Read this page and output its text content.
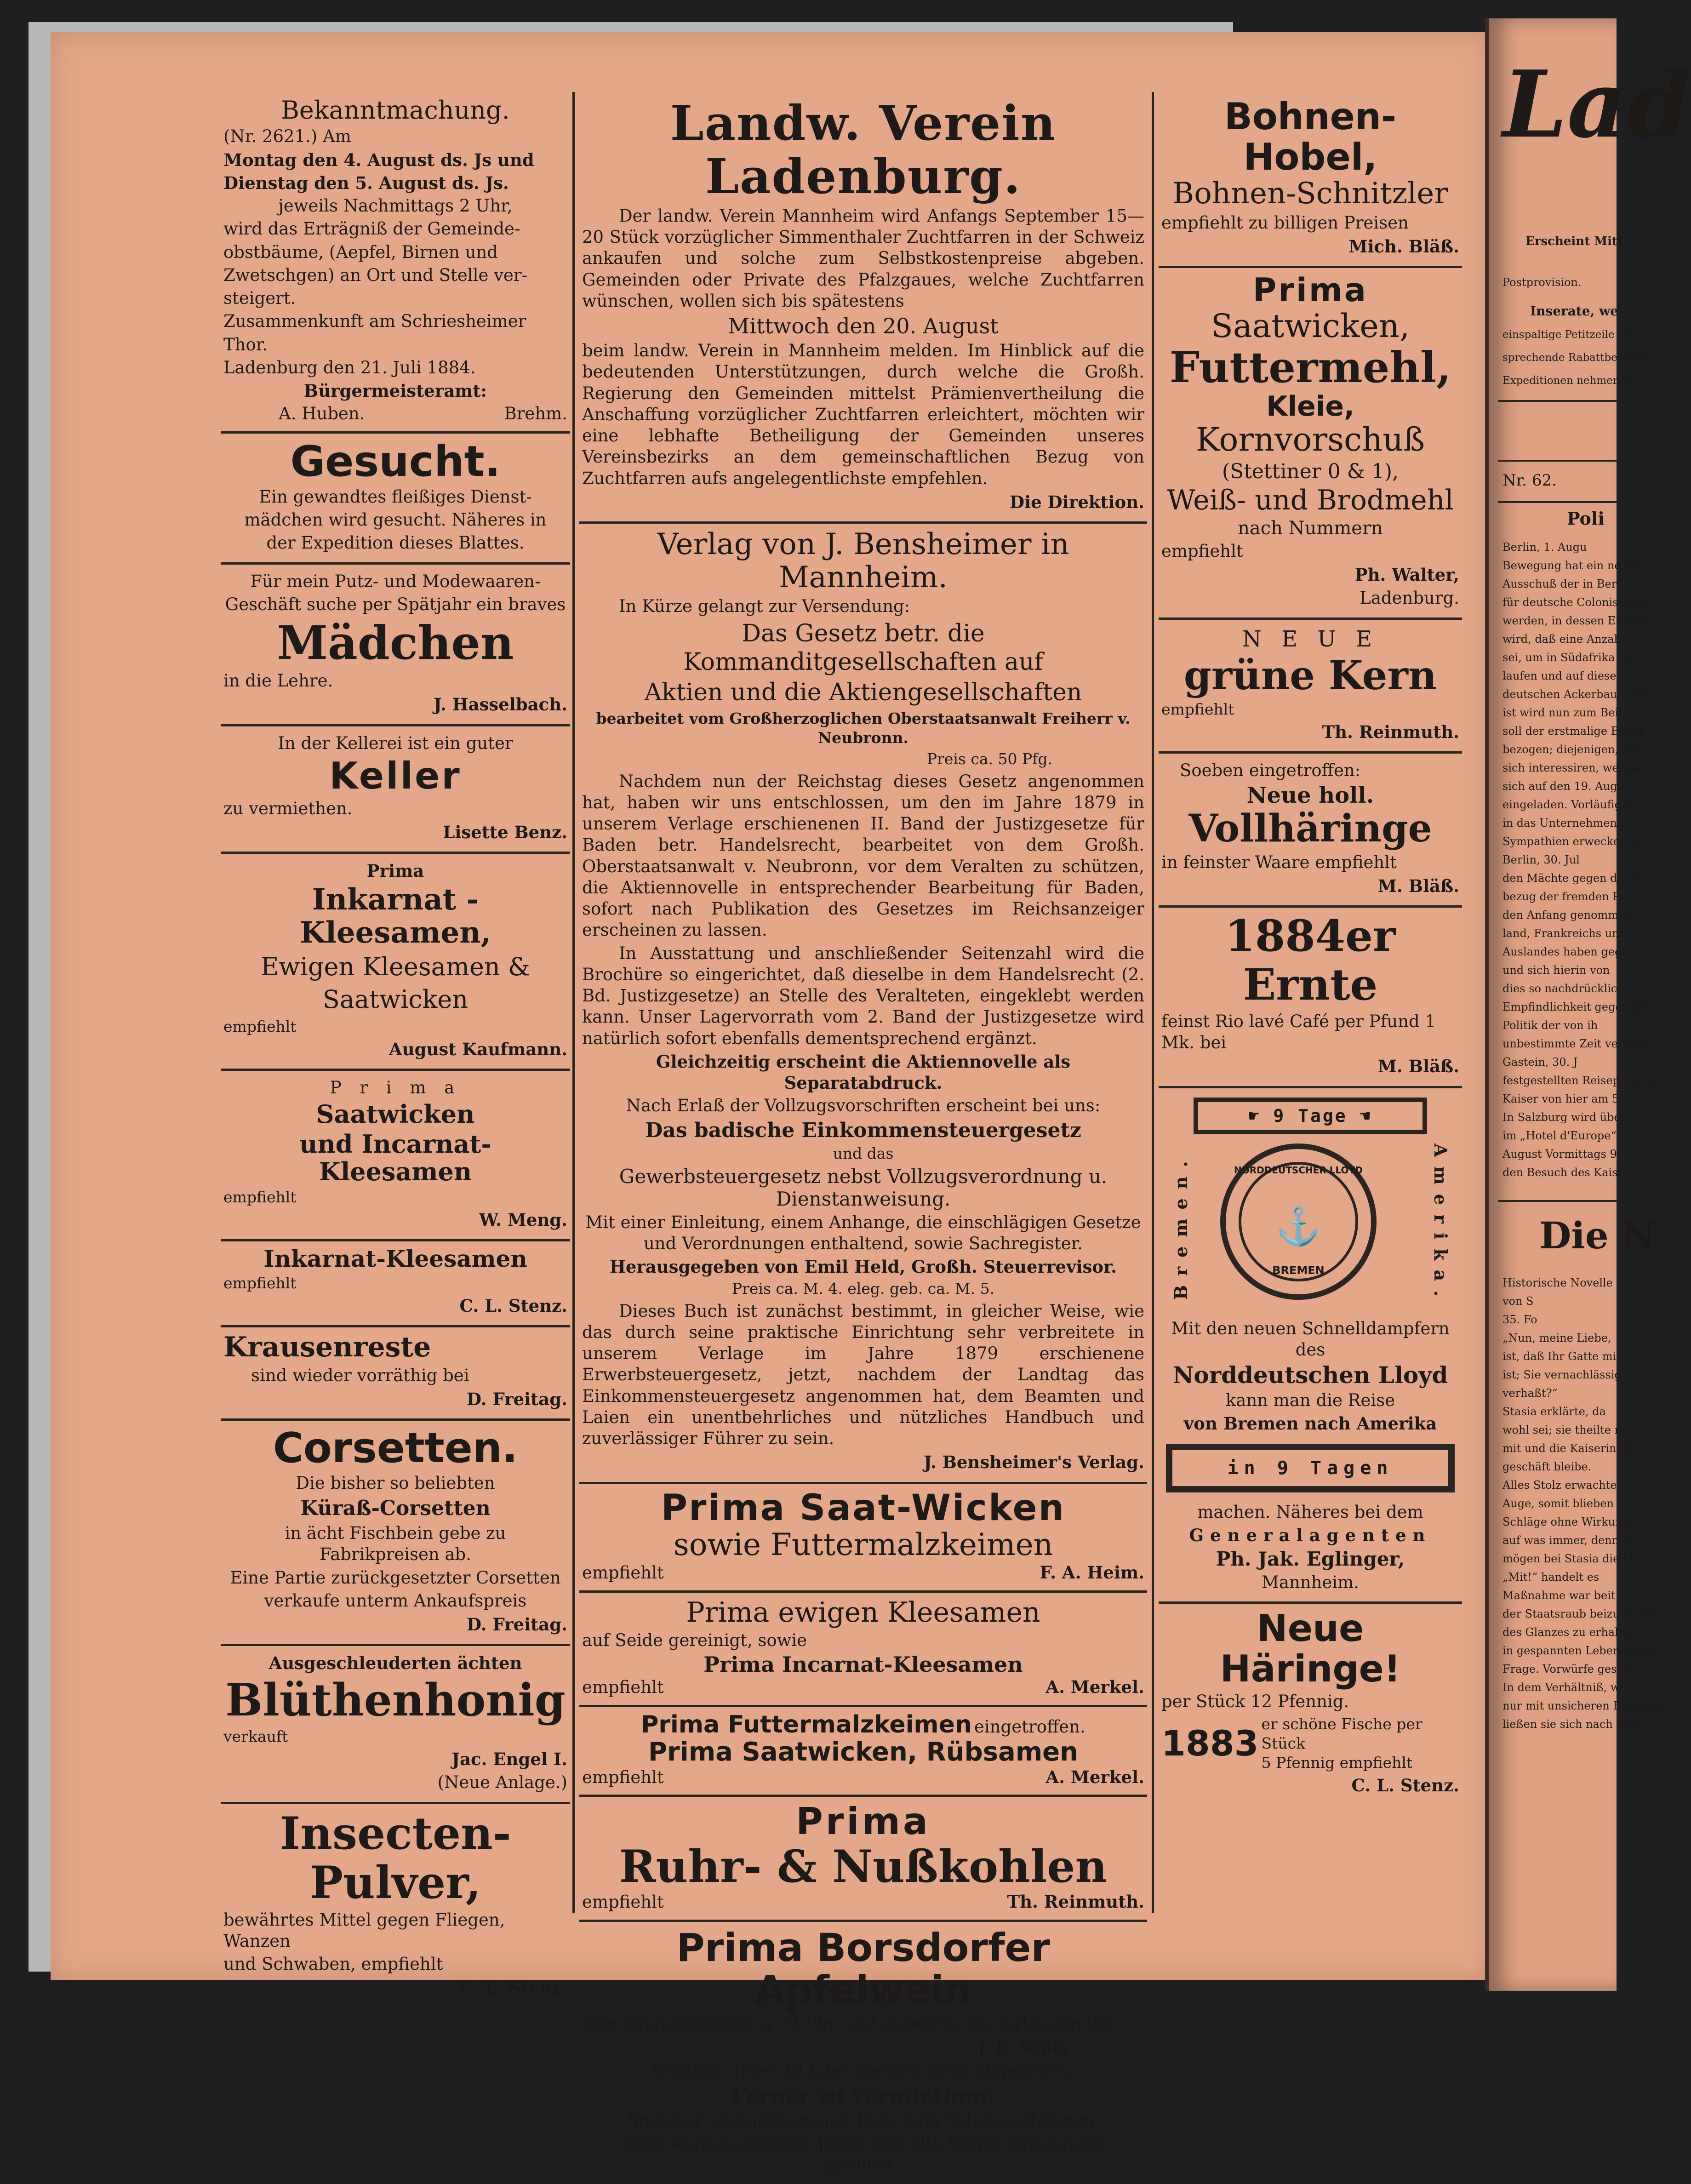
Bekanntmachung.

(Nr. 2621.) Am

Montag den 4. August ds. Js und

Dienstag den 5. August ds. Js.

jeweils Nachmittags 2 Uhr,

wird das Erträgniß der Gemeinde-

obstbäume, (Aepfel, Birnen und

Zwetschgen) an Ort und Stelle ver-

steigert.

Zusammenkunft am Schriesheimer

Thor.

Ladenburg den 21. Juli 1884.

Bürgermeisteramt:

A. Huben.	Brehm.
Gesucht.

Ein gewandtes fleißiges Dienst-

mädchen wird gesucht. Näheres in

der Expedition dieses Blattes.

Für mein Putz- und Modewaaren-

Geschäft suche per Spätjahr ein braves

Mädchen

in die Lehre.

J. Hasselbach.

In der Kellerei ist ein guter

Keller

zu vermiethen.

Lisette Benz.

Prima

Inkarnat - Kleesamen,

Ewigen Kleesamen &

Saatwicken

empfiehlt

August Kaufmann.

P r i m a

Saatwicken

und Incarnat-Kleesamen

empfiehlt

W. Meng.

Inkarnat-Kleesamen

empfiehlt

C. L. Stenz.

Krausenreste

sind wieder vorräthig bei

D. Freitag.

Corsetten.

Die bisher so beliebten

Küraß-Corsetten

in ächt Fischbein gebe zu Fabrikpreisen ab.

Eine Partie zurückgesetzter Corsetten

verkaufe unterm Ankaufspreis

D. Freitag.

Ausgeschleuderten ächten

Blüthenhonig

verkauft

Jac. Engel I.

(Neue Anlage.)

Insecten-Pulver,

bewährtes Mittel gegen Fliegen, Wanzen

und Schwaben, empfiehlt

C. L. Stenz.

Landw. Verein Ladenburg.

Der landw. Verein Mannheim wird Anfangs September 15—20 Stück vorzüglicher Simmenthaler Zuchtfarren in der Schweiz ankaufen und solche zum Selbstkostenpreise abgeben. Gemeinden oder Private des Pfalzgaues, welche Zuchtfarren wünschen, wollen sich bis spätestens

Mittwoch den 20. August

beim landw. Verein in Mannheim melden. Im Hinblick auf die bedeutenden Unterstützungen, durch welche die Großh. Regierung den Gemeinden mittelst Prämienvertheilung die Anschaffung vorzüglicher Zuchtfarren erleichtert, möchten wir eine lebhafte Betheiligung der Gemeinden unseres Vereinsbezirks an dem gemeinschaftlichen Bezug von Zuchtfarren aufs angelegentlichste empfehlen.

Die Direktion.

Verlag von J. Bensheimer in Mannheim.

In Kürze gelangt zur Versendung:

Das Gesetz betr. die Kommanditgesellschaften auf

Aktien und die Aktiengesellschaften

bearbeitet vom Großherzoglichen Oberstaatsanwalt Freiherr v. Neubronn.

Preis ca. 50 Pfg.

Nachdem nun der Reichstag dieses Gesetz angenommen hat, haben wir uns entschlossen, um den im Jahre 1879 in unserem Verlage erschienenen II. Band der Justizgesetze für Baden betr. Handelsrecht, bearbeitet von dem Großh. Oberstaatsanwalt v. Neubronn, vor dem Veralten zu schützen, die Aktiennovelle in entsprechender Bearbeitung für Baden, sofort nach Publikation des Gesetzes im Reichsanzeiger erscheinen zu lassen.

In Ausstattung und anschließender Seitenzahl wird die Brochüre so eingerichtet, daß dieselbe in dem Handelsrecht (2. Bd. Justizgesetze) an Stelle des Veralteten, eingeklebt werden kann. Unser Lagervorrath vom 2. Band der Justizgesetze wird natürlich sofort ebenfalls dementsprechend ergänzt.

Gleichzeitig erscheint die Aktiennovelle als Separatabdruck.

Nach Erlaß der Vollzugsvorschriften erscheint bei uns:

Das badische Einkommensteuergesetz

und das

Gewerbsteuergesetz nebst Vollzugsverordnung u. Dienstanweisung.

Mit einer Einleitung, einem Anhange, die einschlägigen Gesetze und Verordnungen enthaltend, sowie Sachregister.

Herausgegeben von Emil Held, Großh. Steuerrevisor.

Preis ca. M. 4. eleg. geb. ca. M. 5.

Dieses Buch ist zunächst bestimmt, in gleicher Weise, wie das durch seine praktische Einrichtung sehr verbreitete in unserem Verlage im Jahre 1879 erschienene Erwerbsteuergesetz, jetzt, nachdem der Landtag das Einkommensteuergesetz angenommen hat, dem Beamten und Laien ein unentbehrliches und nützliches Handbuch und zuverlässiger Führer zu sein.

J. Bensheimer's Verlag.

Prima Saat-Wicken
sowie Futtermalzkeimen
empfiehlt	F. A. Heim.
Prima ewigen Kleesamen

auf Seide gereinigt, sowie

Prima Incarnat-Kleesamen
empfiehlt	A. Merkel.
Prima Futtermalzkeimen eingetroffen.
Prima Saatwicken, Rübsamen
empfiehlt	A. Merkel.
Prima
Ruhr- & Nußkohlen
empfiehlt	Th. Reinmuth.
Prima Borsdorfer Apfelwein

vom Taunusgebirge, à 22 Pfg. und aufwärts, zu verkaufen bei

J. F. Scola.

Gebinde unter 20 Liter werden nicht abgegeben.

Ferner zu vermiethen:

Speicher und geräumigen Platz zum Tabak aufhängen.

Auch werden mehrere junge und alte Gänse anzukaufen gesucht.

Bohnen-Hobel,
Bohnen-Schnitzler

empfiehlt zu billigen Preisen

Mich. Bläß.

Prima
Saatwicken,
Futtermehl,
Kleie,
Kornvorschuß

(Stettiner 0 & 1),

Weiß- und Brodmehl

nach Nummern

empfiehlt

Ph. Walter,

Ladenburg.

N E U E

grüne Kern

empfiehlt

Th. Reinmuth.

Soeben eingetroffen:

Neue holl.
Vollhäringe

in feinster Waare empfiehlt

M. Bläß.

1884er Ernte

feinst Rio lavé Café per Pfund 1 Mk. bei

M. Bläß.

☛ 9 Tage ☚
Bremen.	Amerika.
NORDDEUTSCHER LLOYD
⚓
BREMEN

Mit den neuen Schnelldampfern des

Norddeutschen Lloyd

kann man die Reise

von Bremen nach Amerika

in 9 Tagen

machen. Näheres bei dem

Generalagenten

Ph. Jak. Eglinger,

Mannheim.

Neue Häringe!

per Stück 12 Pfennig.

1883 er schöne Fische per Stück
5 Pfennig empfiehlt

C. L. Stenz.

Lad
Erscheint Mitt
Postprovision.
Inserate, we
einspaltige Petitzeile od
sprechende Rabattbewillig
Expeditionen nehmen In
Nr. 62.
Poli
Berlin, 1. Augu
Bewegung hat ein neues U
Ausschuß der in Berlin
für deutsche Colonisation
werden, in dessen Eingan
wird, daß eine Anzahl bo
sei, um in Südafrika ge
laufen und auf diese
deutschen Ackerbau- und
ist wird nun zum Beit
soll der erstmalige Beitra
bezogen; diejenigen, welc
sich interessiren, werden
sich auf den 19. Augu
eingeladen. Vorläufig s
in das Unternehmen i
Sympathien erwecken wi
Berlin, 30. Jul
den Mächte gegen die bo
bezug der fremden Po
den Anfang genommen,
land, Frankreichs und
Auslandes haben gegen
und sich hierin von
dies so nachdrücklich
Empfindlichkeit gegenüber
Politik der von ih
unbestimmte Zeit verschie
Gastein, 30. J
festgestellten Reiseprogram
Kaiser von hier am 5.
In Salzburg wird überi
im „Hotel d'Europe“
August Vormittags 9½
den Besuch des Kaise
Die N
Historische Novelle
von S
35. Fo
„Nun, meine Liebe,
ist, daß Ihr Gatte mi
ist; Sie vernachlässig
verhaßt?“
Stasia erklärte, da
wohl sei; sie theilte m
mit und die Kaiserin de
geschäft bleibe.
Alles Stolz erwachte
Auge, somit blieben die
Schläge ohne Wirkung;
auf was immer, denn d
mögen bei Stasia die U
„Mit!“ handelt es
Maßnahme war beit
der Staatsraub beizutragen,
des Glanzes zu erhalten;
in gespannten Lebenslagen
Frage. Vorwürfe gesagt
In dem Verhältniß, wie
nur mit unsicheren Bestrebu
ließen sie sich nach ihre
